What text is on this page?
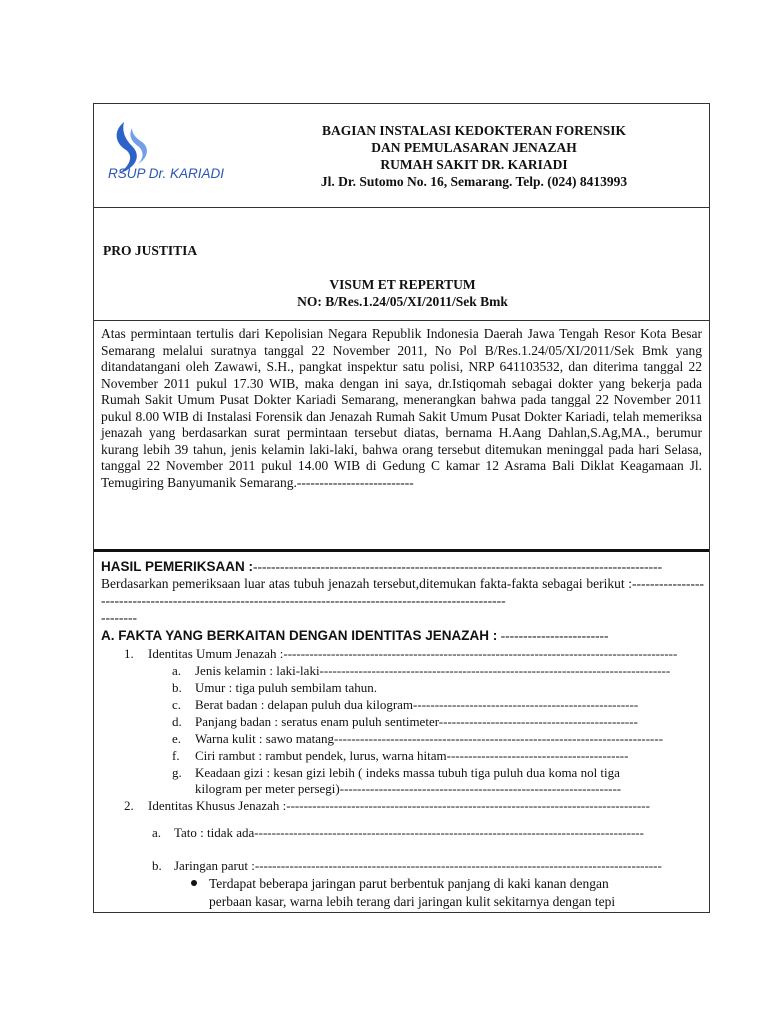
RSUP Dr. KARIADI
BAGIAN INSTALASI KEDOKTERAN FORENSIK
DAN PEMULASARAN JENAZAH
RUMAH SAKIT DR. KARIADI
Jl. Dr. Sutomo No. 16, Semarang. Telp. (024) 8413993
PRO JUSTITIA
VISUM ET REPERTUM
NO: B/Res.1.24/05/XI/2011/Sek Bmk
Atas permintaan tertulis dari Kepolisian Negara Republik Indonesia Daerah Jawa Tengah Resor Kota Besar Semarang melalui suratnya tanggal 22 November 2011, No Pol B/Res.1.24/05/XI/2011/Sek Bmk yang ditandatangani oleh Zawawi, S.H., pangkat inspektur satu polisi, NRP 641103532, dan diterima tanggal 22 November 2011 pukul 17.30 WIB, maka dengan ini saya, dr.Istiqomah sebagai dokter yang bekerja pada Rumah Sakit Umum Pusat Dokter Kariadi Semarang, menerangkan bahwa pada tanggal 22 November 2011 pukul 8.00 WIB di Instalasi Forensik dan Jenazah Rumah Sakit Umum Pusat Dokter Kariadi, telah memeriksa jenazah yang berdasarkan surat permintaan tersebut diatas, bernama H.Aang Dahlan,S.Ag,MA., berumur kurang lebih 39 tahun, jenis kelamin laki-laki, bahwa orang tersebut ditemukan meninggal pada hari Selasa, tanggal 22 November 2011 pukul 14.00 WIB di Gedung C kamar 12 Asrama Bali Diklat Keagamaan Jl. Temugiring Banyumanik Semarang.--------------------------
HASIL PEMERIKSAAN :-------------------------------------------------------------------------------------------
Berdasarkan pemeriksaan luar atas tubuh jenazah tersebut,ditemukan fakta-fakta sebagai berikut :----------------------------------------------------------------------------------------------------------
--------
A. FAKTA YANG BERKAITAN DENGAN IDENTITAS JENAZAH : ------------------------
1. Identitas Umum Jenazah :-------------------------------------------------------------------------------------------
a. Jenis kelamin : laki-laki---------------------------------------------------------------------------------
b. Umur : tiga puluh sembilam tahun.
c. Berat badan : delapan puluh dua kilogram----------------------------------------------------
d. Panjang badan : seratus enam puluh sentimeter----------------------------------------------
e. Warna kulit : sawo matang----------------------------------------------------------------------------
f. Ciri rambut : rambut pendek, lurus, warna hitam------------------------------------------
g. Keadaan gizi : kesan gizi lebih ( indeks massa tubuh tiga puluh dua koma nol tiga
kilogram per meter persegi)-----------------------------------------------------------------
2. Identitas Khusus Jenazah :------------------------------------------------------------------------------------
a. Tato : tidak ada------------------------------------------------------------------------------------------
b. Jaringan parut :----------------------------------------------------------------------------------------------
Terdapat beberapa jaringan parut berbentuk panjang di kaki kanan dengan
perbaan kasar, warna lebih terang dari jaringan kulit sekitarnya dengan tepi
